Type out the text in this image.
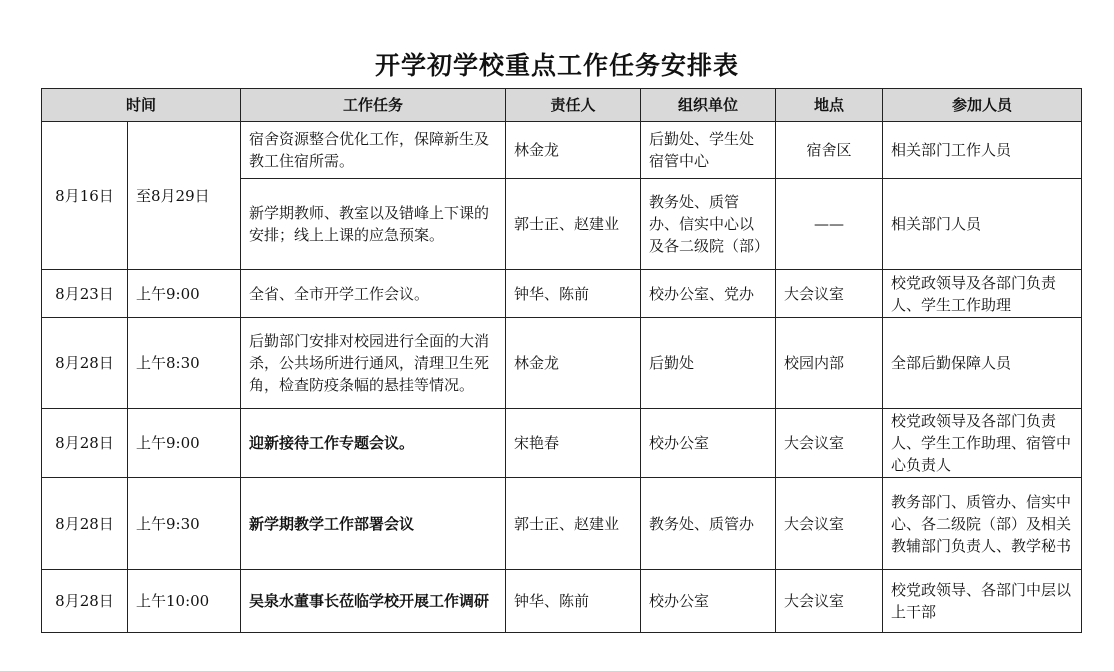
开学初学校重点工作任务安排表
时间		工作任务	责任人	组织单位	地点	参加人员
8月16日	至8月29日	宿舍资源整合优化工作，保障新生及教工住宿所需。	林金龙	后勤处、学生处宿管中心	宿舍区	相关部门工作人员
		新学期教师、教室以及错峰上下课的安排；线上上课的应急预案。	郭士正、赵建业	教务处、质管办、信实中心以及各二级院（部）	——	相关部门人员
8月23日	上午9:00	全省、全市开学工作会议。	钟华、陈前	校办公室、党办	大会议室	校党政领导及各部门负责人、学生工作助理
8月28日	上午8:30	后勤部门安排对校园进行全面的大消杀，公共场所进行通风，清理卫生死角，检查防疫条幅的悬挂等情况。	林金龙	后勤处	校园内部	全部后勤保障人员
8月28日	上午9:00	迎新接待工作专题会议。	宋艳春	校办公室	大会议室	校党政领导及各部门负责人、学生工作助理、宿管中心负责人
8月28日	上午9:30	新学期教学工作部署会议	郭士正、赵建业	教务处、质管办	大会议室	教务部门、质管办、信实中心、各二级院（部）及相关教辅部门负责人、教学秘书
8月28日	上午10:00	吴泉水董事长莅临学校开展工作调研	钟华、陈前	校办公室	大会议室	校党政领导、各部门中层以上干部
